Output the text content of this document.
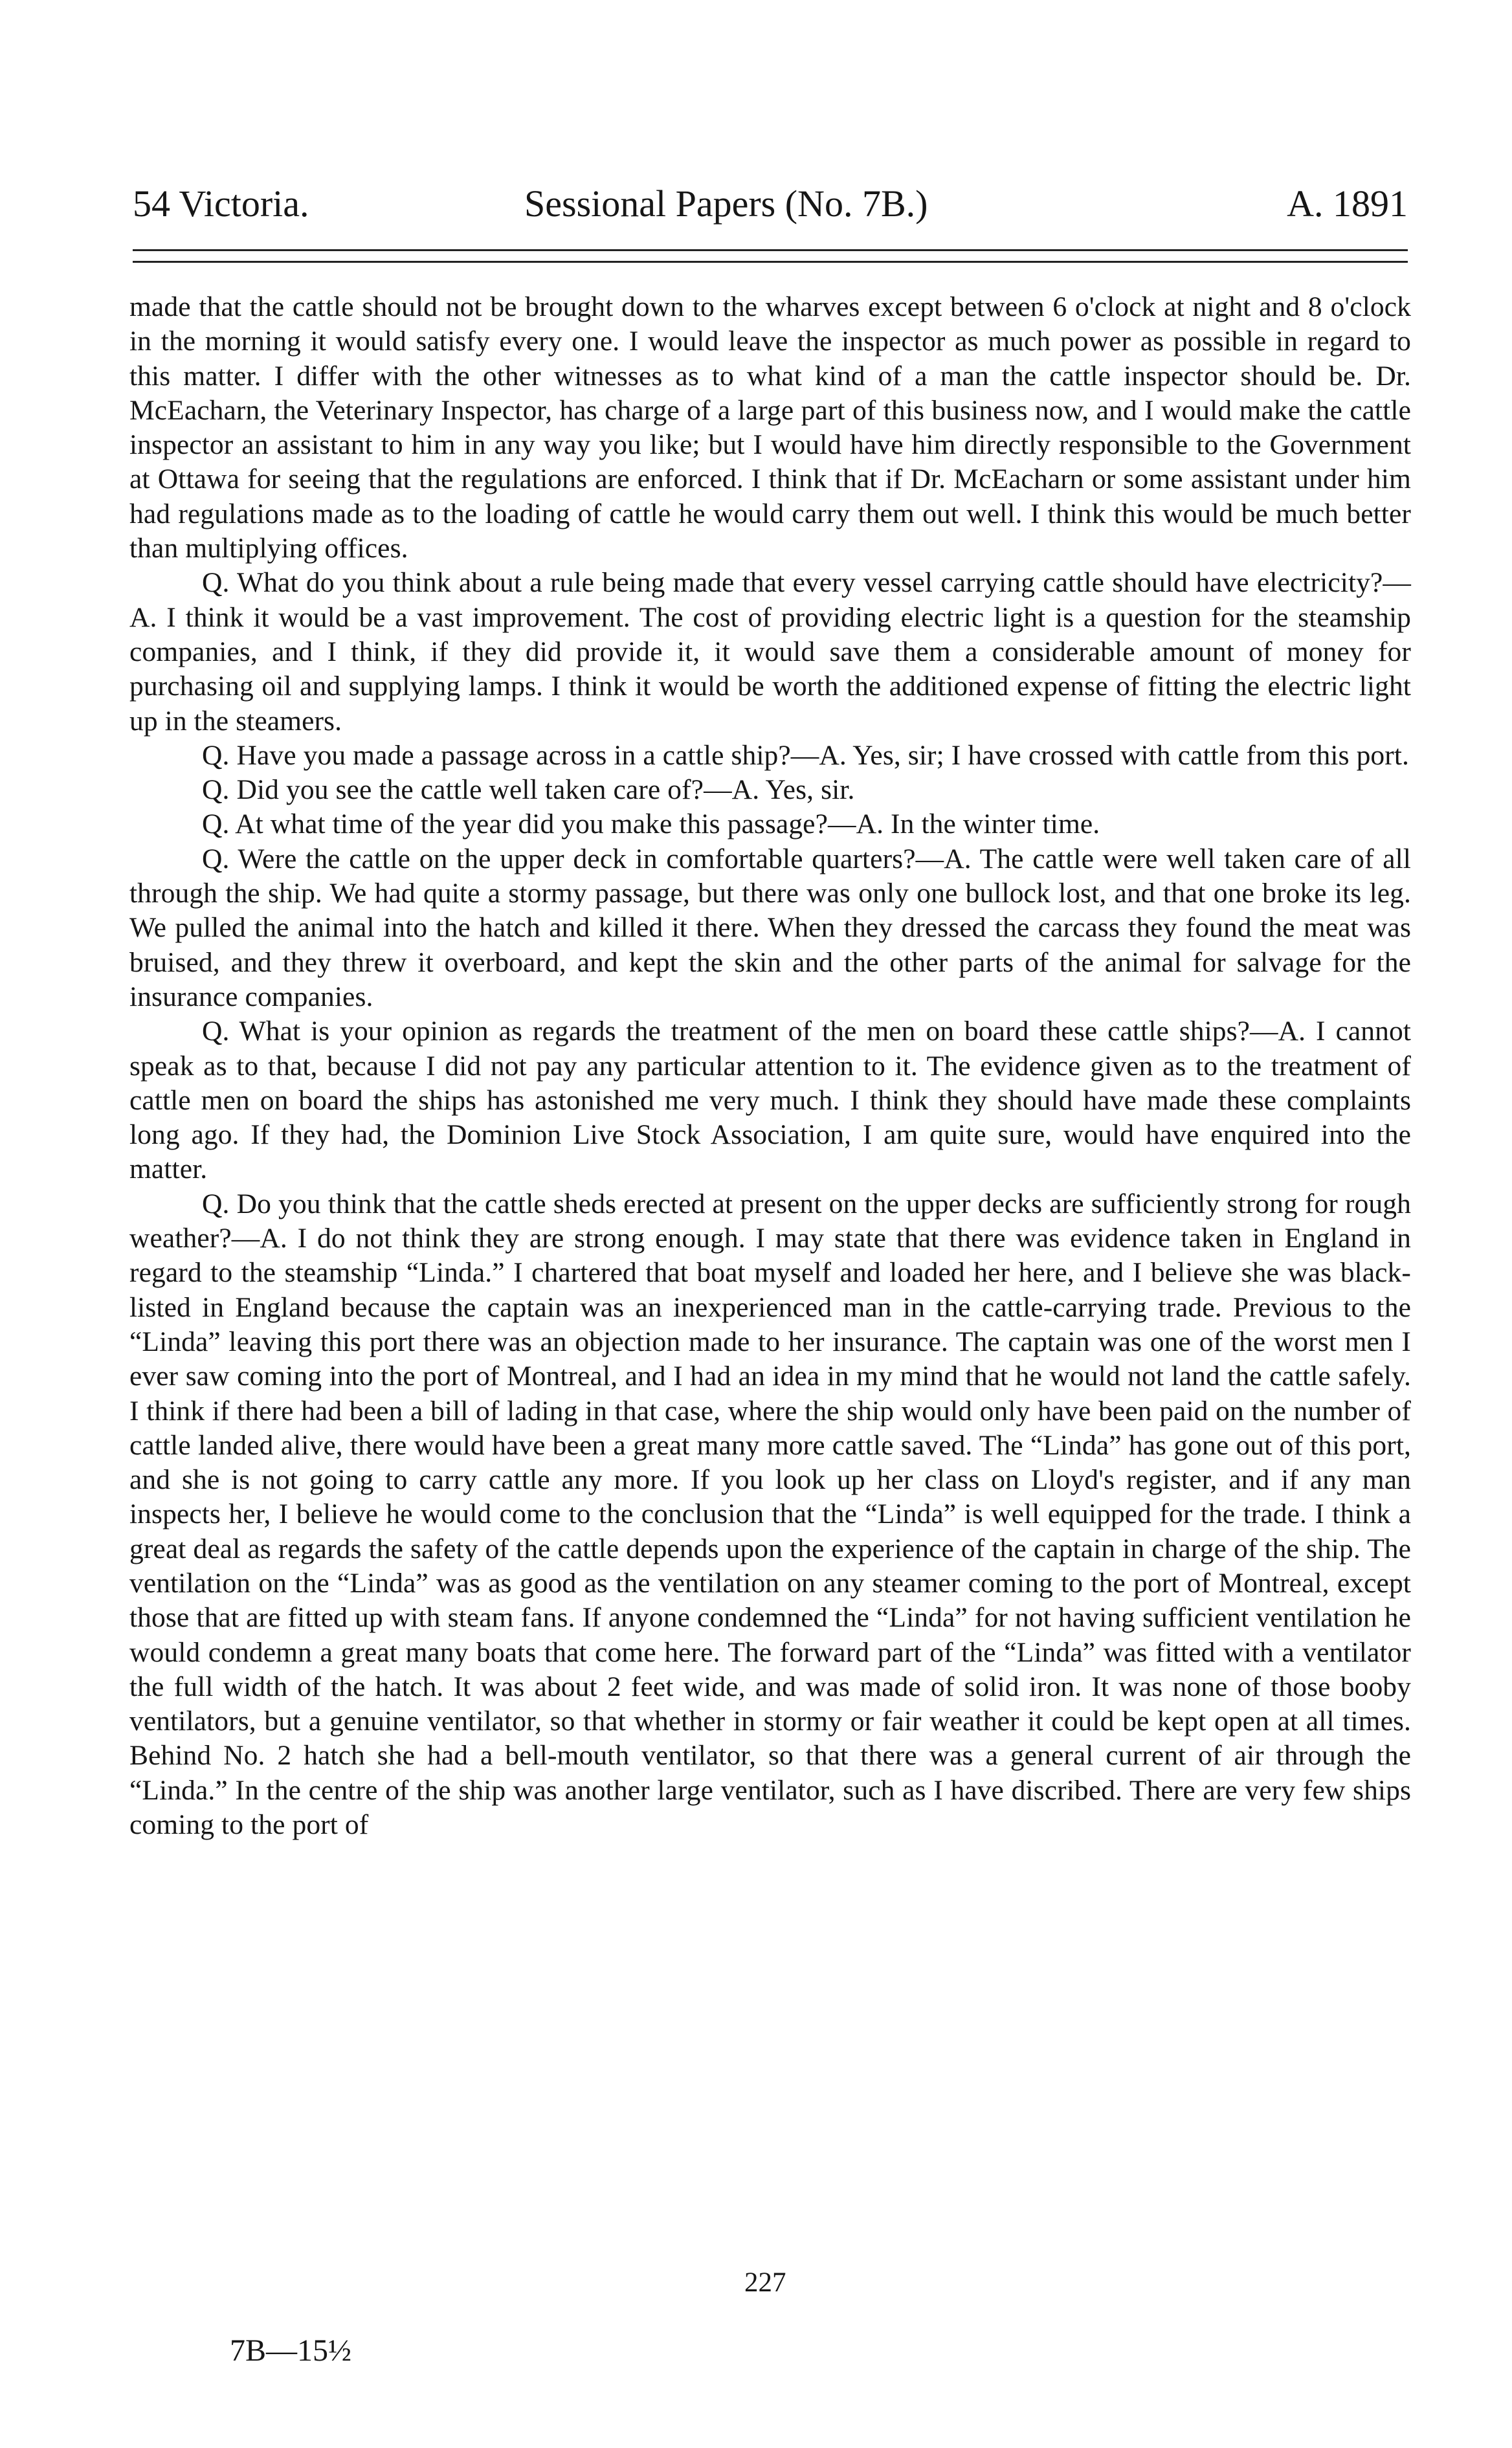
54 Victoria.	Sessional Papers (No. 7B.)	A. 1891

made that the cattle should not be brought down to the wharves except between 6 o'clock at night and 8 o'clock in the morning it would satisfy every one. I would leave the inspector as much power as possible in regard to this matter. I differ with the other witnesses as to what kind of a man the cattle inspector should be. Dr. McEacharn, the Veterinary Inspector, has charge of a large part of this business now, and I would make the cattle inspector an assistant to him in any way you like; but I would have him directly responsible to the Government at Ottawa for seeing that the regulations are enforced. I think that if Dr. McEacharn or some assistant under him had regulations made as to the loading of cattle he would carry them out well. I think this would be much better than multiplying offices.

Q. What do you think about a rule being made that every vessel carrying cattle should have electricity?—A. I think it would be a vast improvement. The cost of providing electric light is a question for the steamship companies, and I think, if they did provide it, it would save them a considerable amount of money for purchasing oil and supplying lamps. I think it would be worth the additioned expense of fitting the electric light up in the steamers.

Q. Have you made a passage across in a cattle ship?—A. Yes, sir; I have crossed with cattle from this port.

Q. Did you see the cattle well taken care of?—A. Yes, sir.

Q. At what time of the year did you make this passage?—A. In the winter time.

Q. Were the cattle on the upper deck in comfortable quarters?—A. The cattle were well taken care of all through the ship. We had quite a stormy passage, but there was only one bullock lost, and that one broke its leg. We pulled the animal into the hatch and killed it there. When they dressed the carcass they found the meat was bruised, and they threw it overboard, and kept the skin and the other parts of the animal for salvage for the insurance companies.

Q. What is your opinion as regards the treatment of the men on board these cattle ships?—A. I cannot speak as to that, because I did not pay any particular attention to it. The evidence given as to the treatment of cattle men on board the ships has astonished me very much. I think they should have made these complaints long ago. If they had, the Dominion Live Stock Association, I am quite sure, would have enquired into the matter.

Q. Do you think that the cattle sheds erected at present on the upper decks are sufficiently strong for rough weather?—A. I do not think they are strong enough. I may state that there was evidence taken in England in regard to the steamship “Linda.” I chartered that boat myself and loaded her here, and I believe she was black-listed in England because the captain was an inexperienced man in the cattle-carrying trade. Previous to the “Linda” leaving this port there was an objection made to her insurance. The captain was one of the worst men I ever saw coming into the port of Montreal, and I had an idea in my mind that he would not land the cattle safely. I think if there had been a bill of lading in that case, where the ship would only have been paid on the number of cattle landed alive, there would have been a great many more cattle saved. The “Linda” has gone out of this port, and she is not going to carry cattle any more. If you look up her class on Lloyd's register, and if any man inspects her, I believe he would come to the conclusion that the “Linda” is well equipped for the trade. I think a great deal as regards the safety of the cattle depends upon the experience of the captain in charge of the ship. The ventilation on the “Linda” was as good as the ventilation on any steamer coming to the port of Montreal, except those that are fitted up with steam fans. If anyone condemned the “Linda” for not having sufficient ventilation he would condemn a great many boats that come here. The forward part of the “Linda” was fitted with a ventilator the full width of the hatch. It was about 2 feet wide, and was made of solid iron. It was none of those booby ventilators, but a genuine ventilator, so that whether in stormy or fair weather it could be kept open at all times. Behind No. 2 hatch she had a bell-mouth ventilator, so that there was a general current of air through the “Linda.” In the centre of the ship was another large ventilator, such as I have discribed. There are very few ships coming to the port of

227
7B—15½
